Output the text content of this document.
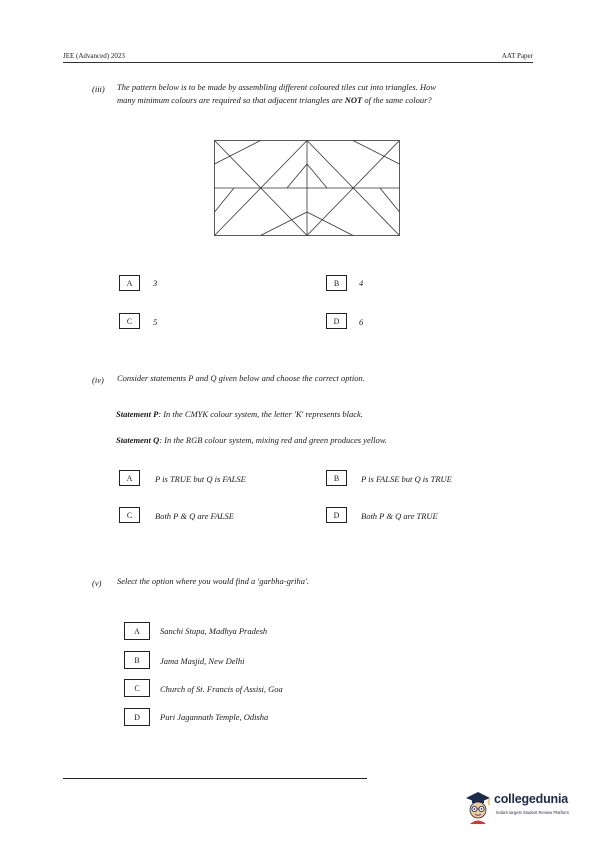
JEE (Advanced) 2023	AAT Paper
(iii) The pattern below is to be made by assembling different coloured tiles cut into triangles. How
many minimum colours are required so that adjacent triangles are NOT of the same colour?
A	3	B	4
C	5	D	6
(iv) Consider statements P and Q given below and choose the correct option.
Statement P: In the CMYK colour system, the letter 'K' represents black.
Statement Q: In the RGB colour system, mixing red and green produces yellow.
A	P is TRUE but Q is FALSE	B	P is FALSE but Q is TRUE
C	Both P & Q are FALSE	D	Both P & Q are TRUE
(v) Select the option where you would find a 'garbha-griha'.
A	Sanchi Stupa, Madhya Pradesh
B	Jama Masjid, New Delhi
C	Church of St. Francis of Assisi, Goa
D	Puri Jagannath Temple, Odisha
collegedunia
India's largest Student Review Platform
